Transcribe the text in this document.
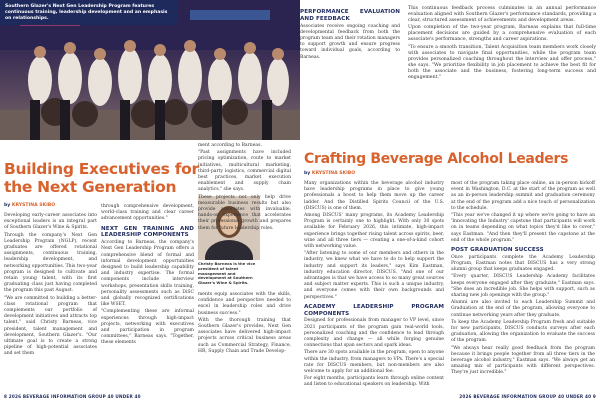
Southern Glazer's Next Gen Leadership Program features continuous training, leadership development and an emphasis on relationships.
Building Executives for
the Next Generation
by KRYSTINA SKIBO

Developing early-career associates into exceptional leaders is an integral part of Southern Glazer's Wine & Spirits.

Through the company's Next Gen Leadership Program (NGLP), recent graduates are offered rotational assignments, continuous training, leadership development, and networking opportunities. This two-year program is designed to cultivate and retain young talent, with its first graduating class just having completed the program this past August.

"We are committed to building a better-class rotational program that complements our portfolio of development initiatives and attracts top talent," said Christy Barneas, vice president, talent management and development, Southern Glazer's. "Our ultimate goal is to create a strong pipeline of high-potential associates and set them

through comprehensive development, world-class training and clear career advancement opportunities."

NEXT GEN TRAINING AND LEADERSHIP COMPONENTS

According to Barneas, the company's Next Gen Leadership Program offers a comprehensive blend of formal and informal development opportunities designed to build leadership capability and industry expertise. The formal components include interview workshops, presentation skills training, personality assessments such as DiSC and globally recognized certifications like WSET.

"Complementing these are informal experiences through high-impact projects, networking with executives and participation in program committees," Barneas says. "Together, these elements

Christy Barneas is the vice president of talent management and development at Southern Glazer's Wine & Spirits.

ments equip associates with the skills, confidence and perspective needed to excel in leadership roles and drive business success."

With the thorough training that Southern Glazer's provides, Next Gen associates have delivered high-impact projects across critical business areas such as Commercial Strategy, Finance, HR, Supply Chain and Trade Develop-

ment according to Barneas.

"Past assignments have included pricing optimization, route to market initiatives, multicultural marketing, third-party logistics, commercial digital best practices, market execution enablement and supply chain analytics," she says.

These projects not only help drive measurable business results but also provide associates with invaluable, hands-on experience that accelerates their professional growth and prepares them for future leadership roles.

8 2026 BEVERAGE INFORMATION GROUP 40 UNDER 40

This continuous feedback process culminates in an annual performance evaluation aligned with Southern Glazer's performance standards, providing a clear, structured assessment of achievements and development areas.

Upon completion of the two-year program, Barneas explains that full-time placement decisions are guided by a comprehensive evaluation of each associate's performance, strengths and career aspirations.

"To ensure a smooth transition, Talent Acquisition team members work closely with associates to navigate final opportunities, while the program team provides personalized coaching throughout the interview and offer process," she says. "We prioritize flexibility in job placement to achieve the best fit for both the associate and the business, fostering long-term success and engagement."

PERFORMANCE EVALUATION AND FEEDBACK

Associates receive ongoing coaching and developmental feedback from both the program team and their rotation managers to support growth and ensure progress toward individual goals, according to Barneas.

Crafting Beverage Alcohol Leaders
by KRYSTINA SKIBO

Many organizations within the beverage alcohol industry have leadership programs in place to give young professionals a boost to help them move up the career ladder. And the Distilled Spirits Council of the U.S. (DISCUS) is one of them.

Among DISCUS' many programs, its Academy Leadership Program is certainly one to highlight. With only 30 spots available for February 2026, this intimate, high-impact experience brings together rising talent across spirits, beer, wine and all three tiers — creating a one-of-a-kind cohort with networking value.

"After listening to some of our members and others in the industry, we knew what we have to do to help support the industry and support its leaders," says Kim Eastman, industry education director, DISCUS. "And one of our advantages is that we have access to so many great sources and subject matter experts. This is such a unique industry, and everyone comes with their own backgrounds and perspectives."

ACADEMY LEADERSHIP PROGRAM COMPONENTS

Designed for professionals from manager to VP level, since 2021 participants of the program gain real-world tools, personalized coaching and the confidence to lead through complexity and change — all while forging genuine connections that span sectors and spark ideas.

There are 30 spots available in the program, open to anyone within the industry, from managers to VPs. There's a special rate for DISCUS members, but non-members are also welcome to apply for an additional fee.

For eight months, participants learn through online content and listen to educational speakers on leadership. With

most of the program taking place online, an in-person kickoff event in Washington, D.C. at the start of the program as well as an in-person leadership summit and graduation ceremony at the end of the program add a nice touch of personalization to the schedule.

"This year we've changed it up where we're going to have an 'Innovating the Industry' capstone that participants will work on in teams depending on what topics they'd like to cover," says Eastman. "And then they'll present the capstone at the end of the whole program."

POST GRADUATION SUCCESS

Once participants complete the Academy Leadership Program, Eastman notes that DISCUS has a very strong alumni group that keeps graduates engaged.

"Every quarter, DISCUS Leadership Academy facilitates keeps everyone engaged after they graduate," Eastman says. "She does an incredible job. She helps with support, such as sharing new job openings with the group."

Alumni are also invited to each Leadership Summit and Graduation at the end of the program, allowing everyone to continue networking years after they graduate.

To keep the Academy Leadership Program fresh and suitable for new participants, DISCUS conducts surveys after each graduation, allowing the organization to evaluate the success of the program.

"We always hear really good feedback from the program because it brings people together from all three tiers in the beverage alcohol industry," Eastman says. "We always get an amazing mix of participants with different perspectives. They're just incredible."

2026 BEVERAGE INFORMATION GROUP 40 UNDER 40 9
